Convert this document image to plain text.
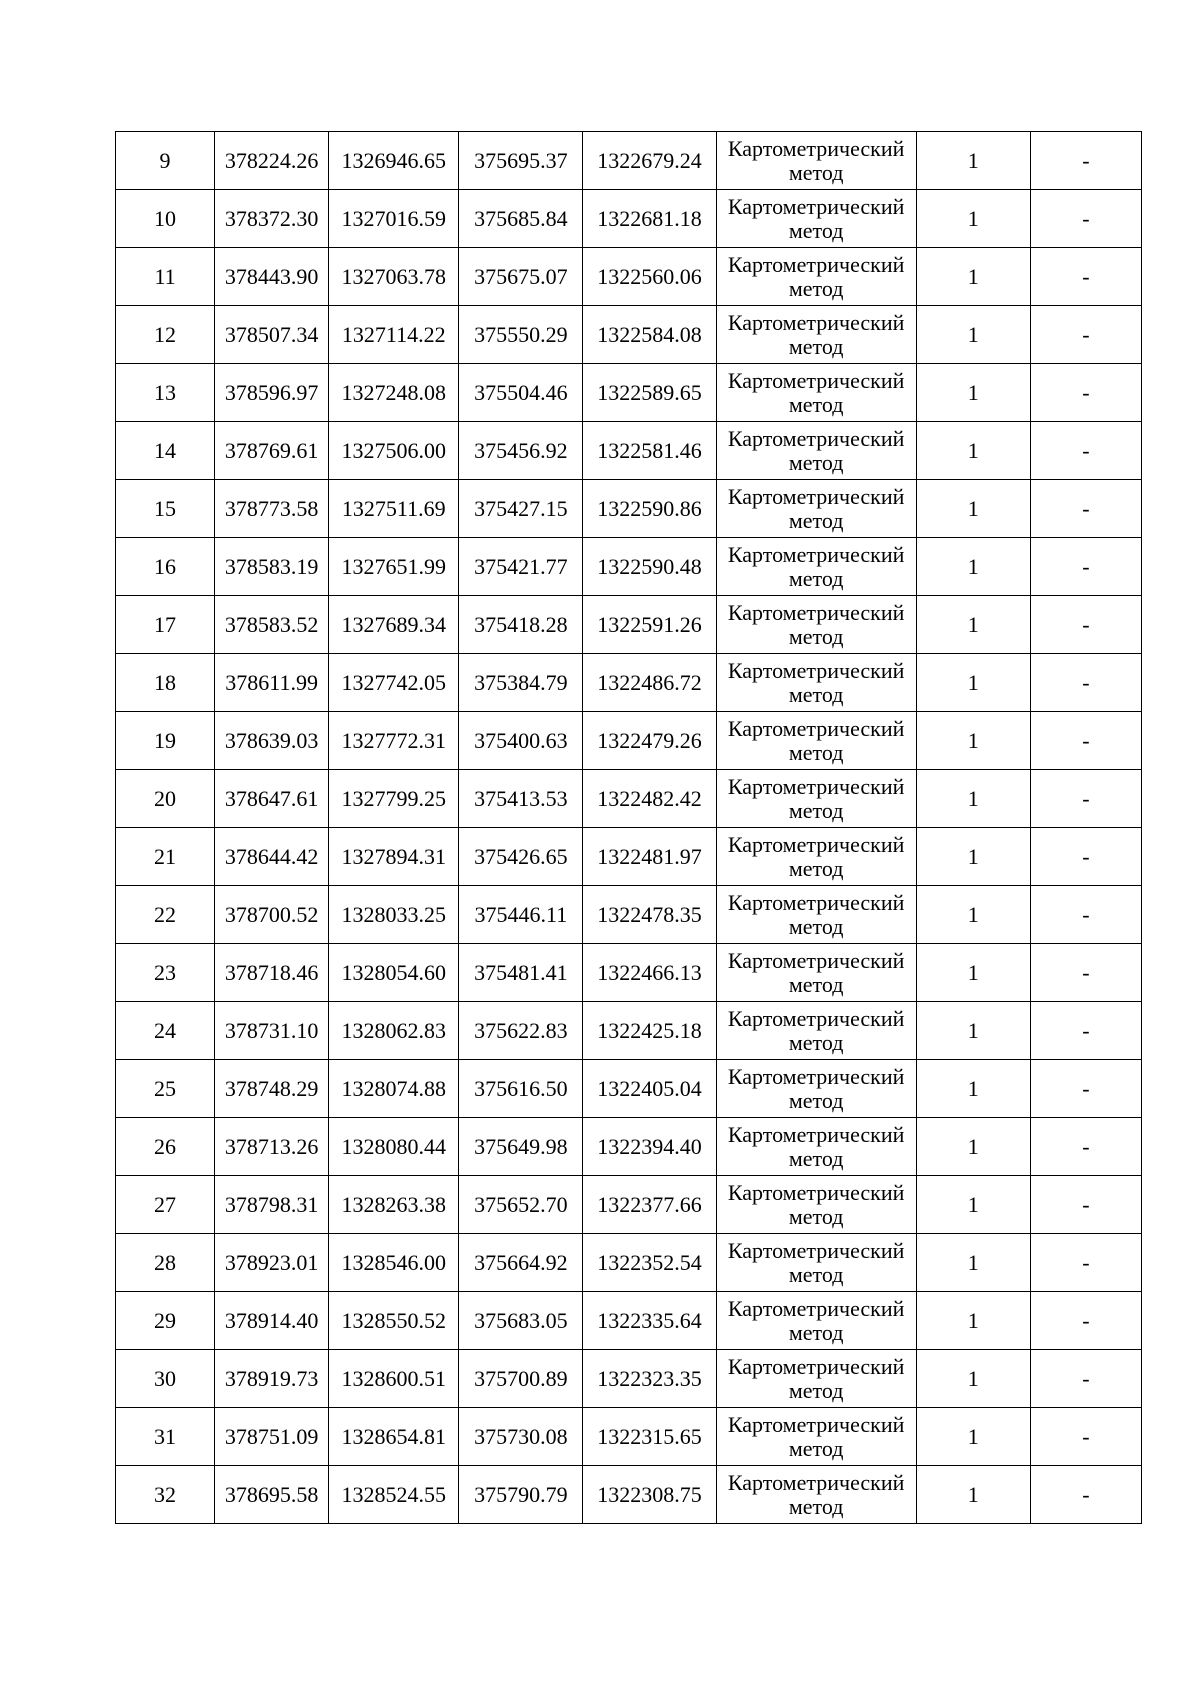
9	378224.26	1326946.65	375695.37	1322679.24	Картометрический метод	1	-
10	378372.30	1327016.59	375685.84	1322681.18	Картометрический метод	1	-
11	378443.90	1327063.78	375675.07	1322560.06	Картометрический метод	1	-
12	378507.34	1327114.22	375550.29	1322584.08	Картометрический метод	1	-
13	378596.97	1327248.08	375504.46	1322589.65	Картометрический метод	1	-
14	378769.61	1327506.00	375456.92	1322581.46	Картометрический метод	1	-
15	378773.58	1327511.69	375427.15	1322590.86	Картометрический метод	1	-
16	378583.19	1327651.99	375421.77	1322590.48	Картометрический метод	1	-
17	378583.52	1327689.34	375418.28	1322591.26	Картометрический метод	1	-
18	378611.99	1327742.05	375384.79	1322486.72	Картометрический метод	1	-
19	378639.03	1327772.31	375400.63	1322479.26	Картометрический метод	1	-
20	378647.61	1327799.25	375413.53	1322482.42	Картометрический метод	1	-
21	378644.42	1327894.31	375426.65	1322481.97	Картометрический метод	1	-
22	378700.52	1328033.25	375446.11	1322478.35	Картометрический метод	1	-
23	378718.46	1328054.60	375481.41	1322466.13	Картометрический метод	1	-
24	378731.10	1328062.83	375622.83	1322425.18	Картометрический метод	1	-
25	378748.29	1328074.88	375616.50	1322405.04	Картометрический метод	1	-
26	378713.26	1328080.44	375649.98	1322394.40	Картометрический метод	1	-
27	378798.31	1328263.38	375652.70	1322377.66	Картометрический метод	1	-
28	378923.01	1328546.00	375664.92	1322352.54	Картометрический метод	1	-
29	378914.40	1328550.52	375683.05	1322335.64	Картометрический метод	1	-
30	378919.73	1328600.51	375700.89	1322323.35	Картометрический метод	1	-
31	378751.09	1328654.81	375730.08	1322315.65	Картометрический метод	1	-
32	378695.58	1328524.55	375790.79	1322308.75	Картометрический метод	1	-
